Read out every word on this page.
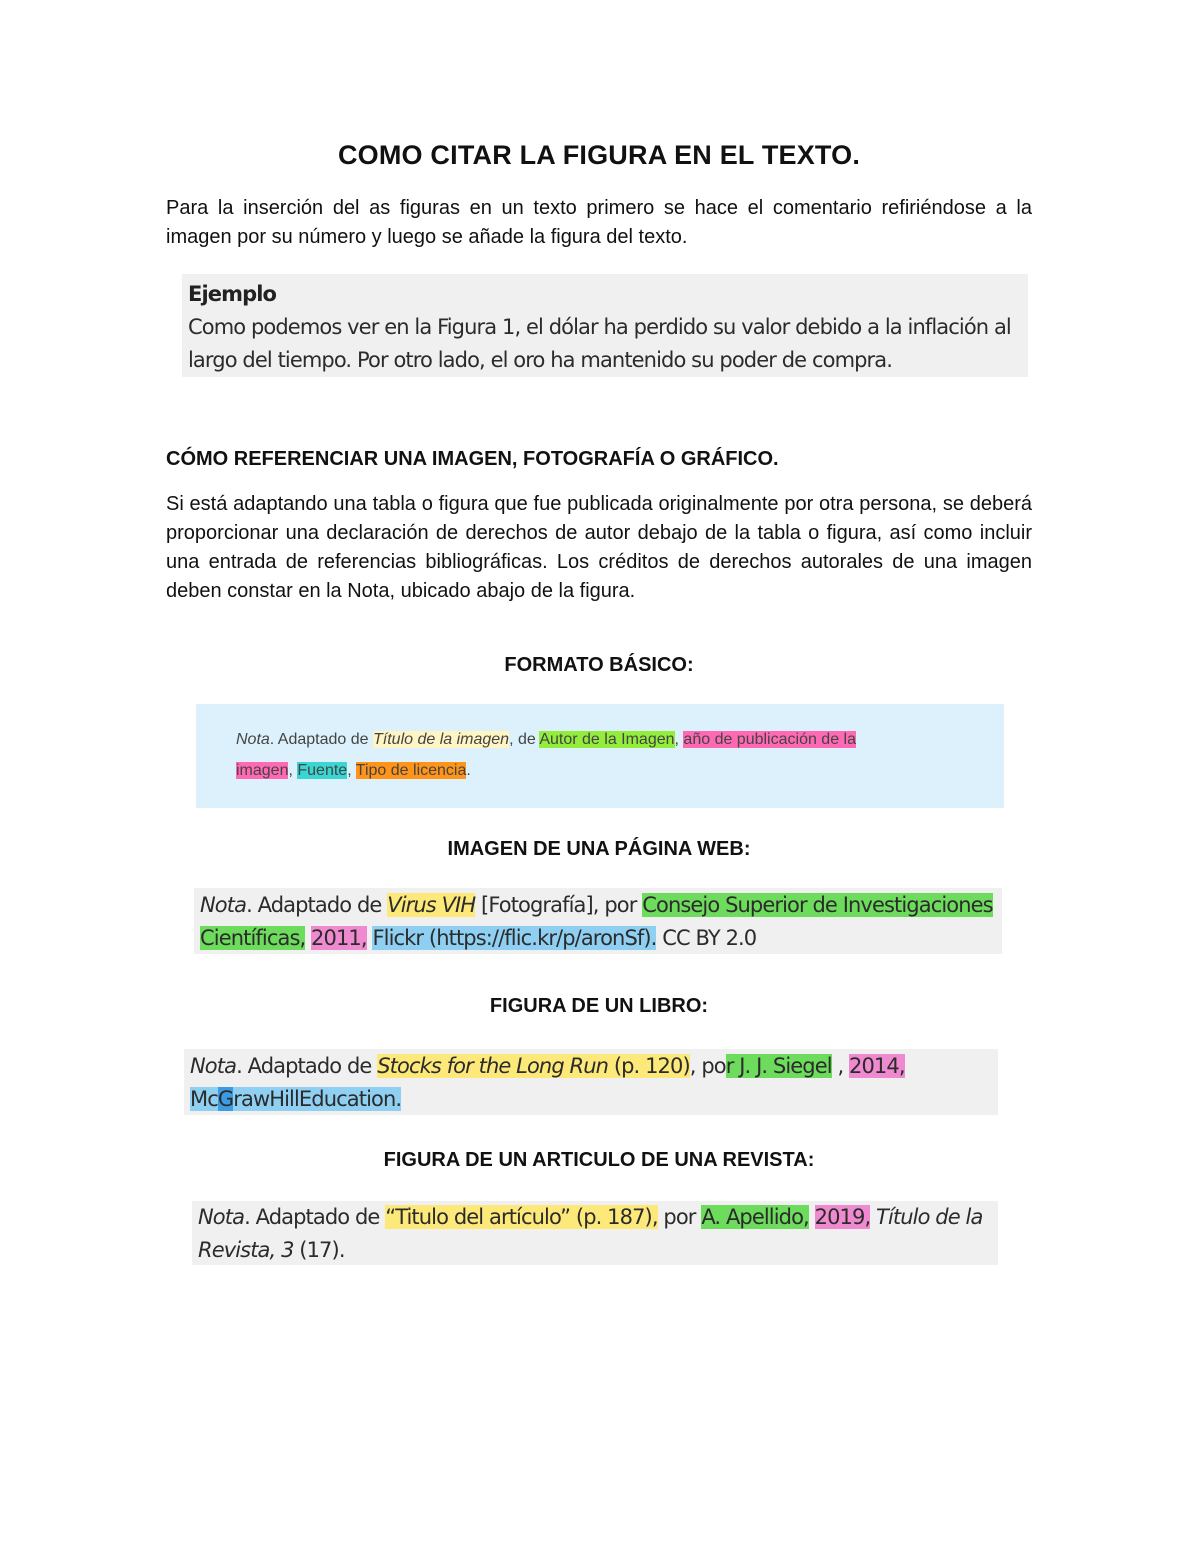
COMO CITAR LA FIGURA EN EL TEXTO.
Para la inserción del as figuras en un texto primero se hace el comentario refiriéndose a la imagen por su número y luego se añade la figura del texto.
Ejemplo
Como podemos ver en la Figura 1, el dólar ha perdido su valor debido a la inflación al
largo del tiempo. Por otro lado, el oro ha mantenido su poder de compra.
CÓMO REFERENCIAR UNA IMAGEN, FOTOGRAFÍA O GRÁFICO.
Si está adaptando una tabla o figura que fue publicada originalmente por otra persona, se deberá proporcionar una declaración de derechos de autor debajo de la tabla o figura, así como incluir una entrada de referencias bibliográficas. Los créditos de derechos autorales de una imagen deben constar en la Nota, ubicado abajo de la figura.
FORMATO BÁSICO:
Nota. Adaptado de Título de la imagen, de Autor de la Imagen, año de publicación de la
imagen, Fuente, Tipo de licencia.
IMAGEN DE UNA PÁGINA WEB:
Nota. Adaptado de Virus VIH [Fotografía], por Consejo Superior de Investigaciones
Científicas, 2011, Flickr (https://flic.kr/p/aronSf). CC BY 2.0
FIGURA DE UN LIBRO:
Nota. Adaptado de Stocks for the Long Run (p. 120), por J. J. Siegel , 2014,
McGrawHillEducation.
FIGURA DE UN ARTICULO DE UNA REVISTA:
Nota. Adaptado de “Titulo del artículo” (p. 187), por A. Apellido, 2019, Título de la
Revista, 3 (17).
